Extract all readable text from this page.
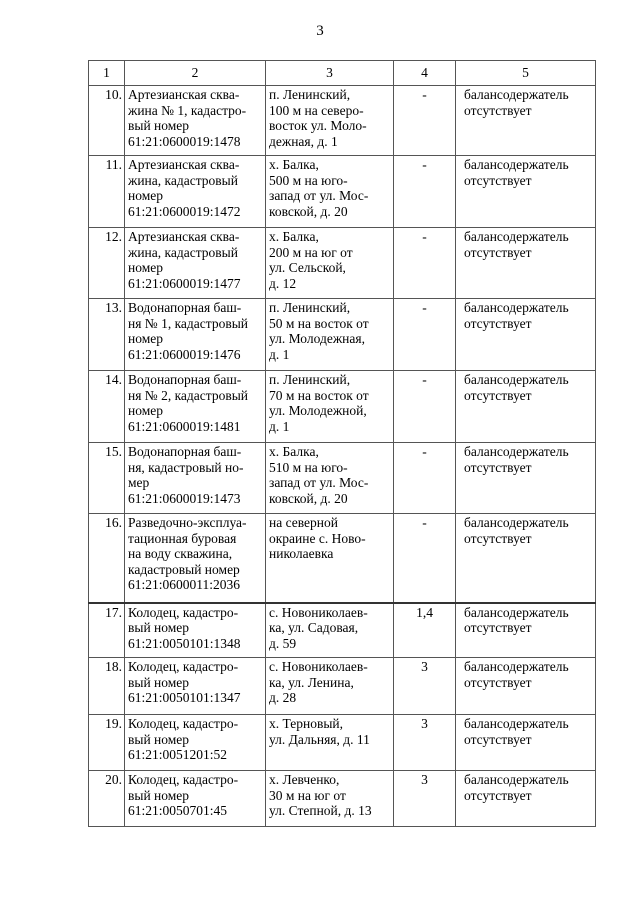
3
1	2	3	4	5
10.	Артезианская сква-
жина № 1, кадастро-
вый номер
61:21:0600019:1478	п. Ленинский,
100 м на северо-
восток ул. Моло-
дежная, д. 1	-	балансодержатель
отсутствует
11.	Артезианская сква-
жина, кадастровый
номер
61:21:0600019:1472	х. Балка,
500 м на юго-
запад от ул. Мос-
ковской, д. 20	-	балансодержатель
отсутствует
12.	Артезианская сква-
жина, кадастровый
номер
61:21:0600019:1477	х. Балка,
200 м на юг от
ул. Сельской,
д. 12	-	балансодержатель
отсутствует
13.	Водонапорная баш-
ня № 1, кадастровый
номер
61:21:0600019:1476	п. Ленинский,
50 м на восток от
ул. Молодежная,
д. 1	-	балансодержатель
отсутствует
14.	Водонапорная баш-
ня № 2, кадастровый
номер
61:21:0600019:1481	п. Ленинский,
70 м на восток от
ул. Молодежной,
д. 1	-	балансодержатель
отсутствует
15.	Водонапорная баш-
ня, кадастровый но-
мер
61:21:0600019:1473	х. Балка,
510 м на юго-
запад от ул. Мос-
ковской, д. 20	-	балансодержатель
отсутствует
16.	Разведочно-эксплуа-
тационная буровая
на воду скважина,
кадастровый номер
61:21:0600011:2036	на северной
окраине с. Ново-
николаевка	-	балансодержатель
отсутствует
17.	Колодец, кадастро-
вый номер
61:21:0050101:1348	с. Новониколаев-
ка, ул. Садовая,
д. 59	1,4	балансодержатель
отсутствует
18.	Колодец, кадастро-
вый номер
61:21:0050101:1347	с. Новониколаев-
ка, ул. Ленина,
д. 28	3	балансодержатель
отсутствует
19.	Колодец, кадастро-
вый номер
61:21:0051201:52	х. Терновый,
ул. Дальняя, д. 11	3	балансодержатель
отсутствует
20.	Колодец, кадастро-
вый номер
61:21:0050701:45	х. Левченко,
30 м на юг от
ул. Степной, д. 13	3	балансодержатель
отсутствует
